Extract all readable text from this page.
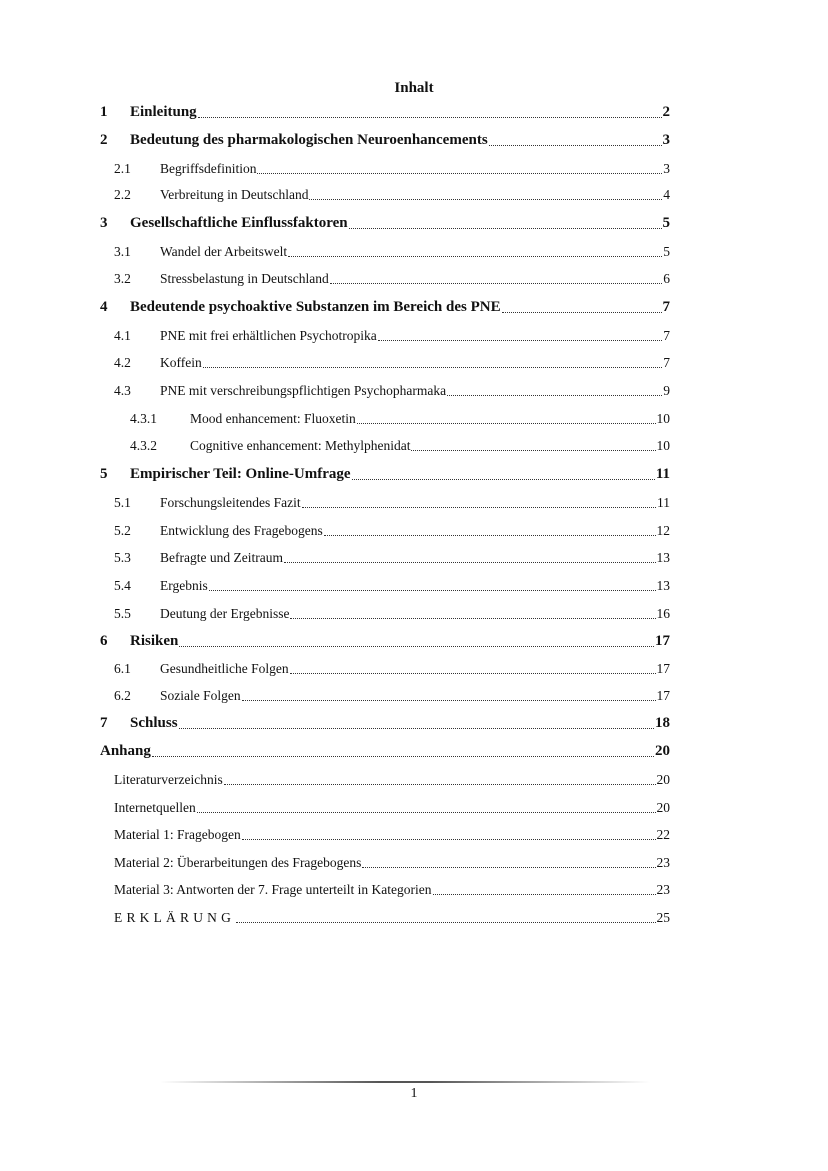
Inhalt
1 Einleitung	2
2 Bedeutung des pharmakologischen Neuroenhancements	3
2.1 Begriffsdefinition	3
2.2 Verbreitung in Deutschland	4
3 Gesellschaftliche Einflussfaktoren	5
3.1 Wandel der Arbeitswelt	5
3.2 Stressbelastung in Deutschland	6
4 Bedeutende psychoaktive Substanzen im Bereich des PNE	7
4.1 PNE mit frei erhältlichen Psychotropika	7
4.2 Koffein	7
4.3 PNE mit verschreibungspflichtigen Psychopharmaka	9
4.3.1 Mood enhancement: Fluoxetin	10
4.3.2 Cognitive enhancement: Methylphenidat	10
5 Empirischer Teil: Online-Umfrage	11
5.1 Forschungsleitendes Fazit	11
5.2 Entwicklung des Fragebogens	12
5.3 Befragte und Zeitraum	13
5.4 Ergebnis	13
5.5 Deutung der Ergebnisse	16
6 Risiken	17
6.1 Gesundheitliche Folgen	17
6.2 Soziale Folgen	17
7 Schluss	18
Anhang	20
Literaturverzeichnis	20
Internetquellen	20
Material 1: Fragebogen	22
Material 2: Überarbeitungen des Fragebogens	23
Material 3: Antworten der 7. Frage unterteilt in Kategorien	23
ERKLÄRUNG	25
1
